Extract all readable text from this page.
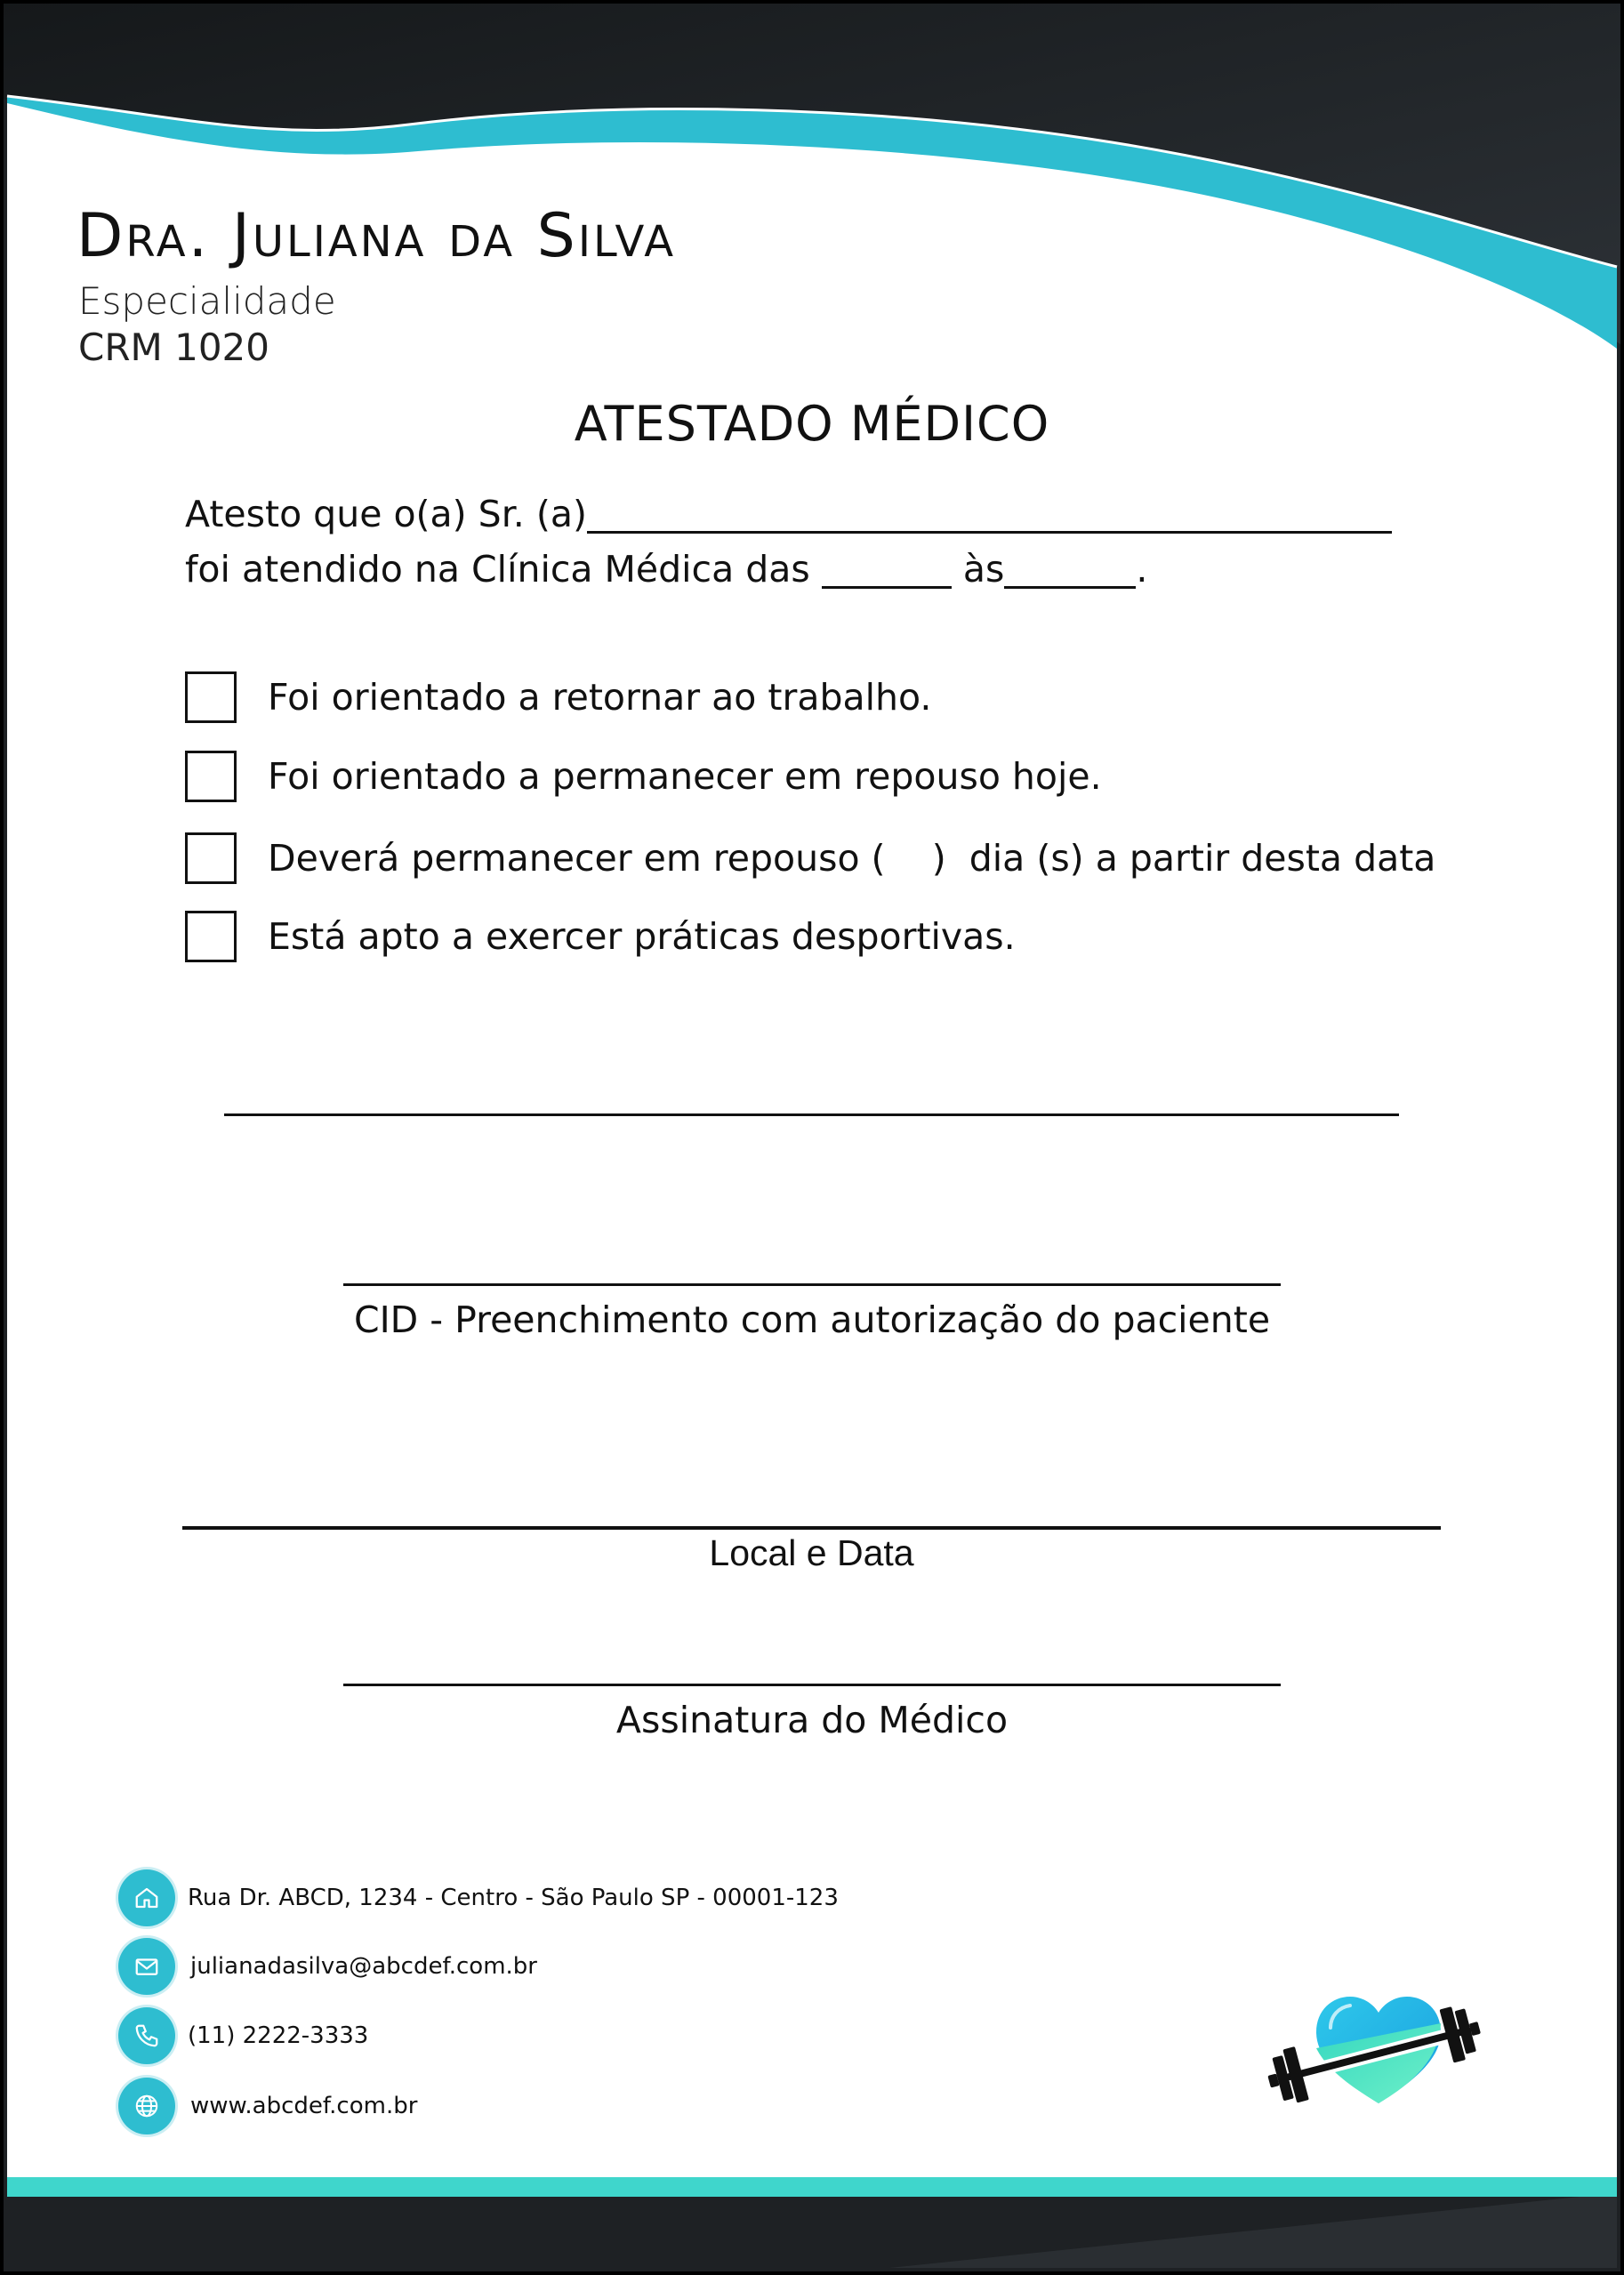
Dra. Juliana da Silva
Especialidade
CRM 1020
ATESTADO MÉDICO
Atesto que o(a) Sr. (a)
foi atendido na Clínica Médica das	às	.
Foi orientado a retornar ao trabalho.
Foi orientado a permanecer em repouso hoje.
Deverá permanecer em repouso (    )  dia (s) a partir desta data
Está apto a exercer práticas desportivas.
CID - Preenchimento com autorização do paciente
Local e Data
Assinatura do Médico
Rua Dr. ABCD, 1234 - Centro - São Paulo SP - 00001-123
julianadasilva@abcdef.com.br
(11) 2222-3333
www.abcdef.com.br
